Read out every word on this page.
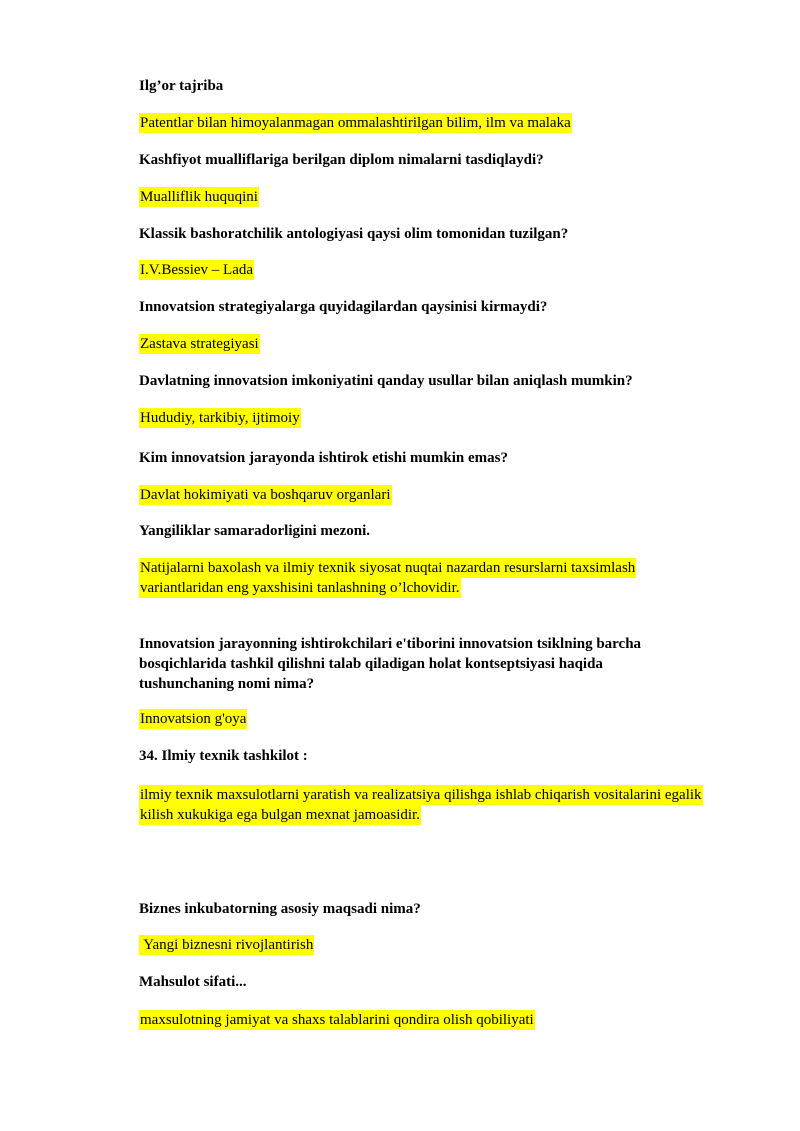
Ilg’or tajriba
Patentlar bilan himoyalanmagan ommalashtirilgan bilim, ilm va malaka
Kashfiyot mualliflariga berilgan diplom nimalarni tasdiqlaydi?
Mualliflik huquqini
Klassik bashoratchilik antologiyasi qaysi olim tomonidan tuzilgan?
I.V.Bessiev – Lada
Innovatsion strategiyalarga quyidagilardan qaysinisi kirmaydi?
Zastava strategiyasi
Davlatning innovatsion imkoniyatini qanday usullar bilan aniqlash mumkin?
Hududiy, tarkibiy, ijtimoiy
Kim innovatsion jarayonda ishtirok etishi mumkin emas?
Davlat hokimiyati va boshqaruv organlari
Yangiliklar samaradorligini mezoni.
Natijalarni baxolash va ilmiy texnik siyosat nuqtai nazardan resurslarni taxsimlash
variantlaridan eng yaxshisini tanlashning o’lchovidir.
Innovatsion jarayonning ishtirokchilari e'tiborini innovatsion tsiklning barcha
bosqichlarida tashkil qilishni talab qiladigan holat kontseptsiyasi haqida
tushunchaning nomi nima?
Innovatsion g'oya
34. Ilmiy texnik tashkilot :
ilmiy texnik maxsulotlarni yaratish va realizatsiya qilishga ishlab chiqarish vositalarini egalik
kilish xukukiga ega bulgan mexnat jamoasidir.
Biznes inkubatorning asosiy maqsadi nima?
Yangi biznesni rivojlantirish
Mahsulot sifati...
maxsulotning jamiyat va shaxs talablarini qondira olish qobiliyati
